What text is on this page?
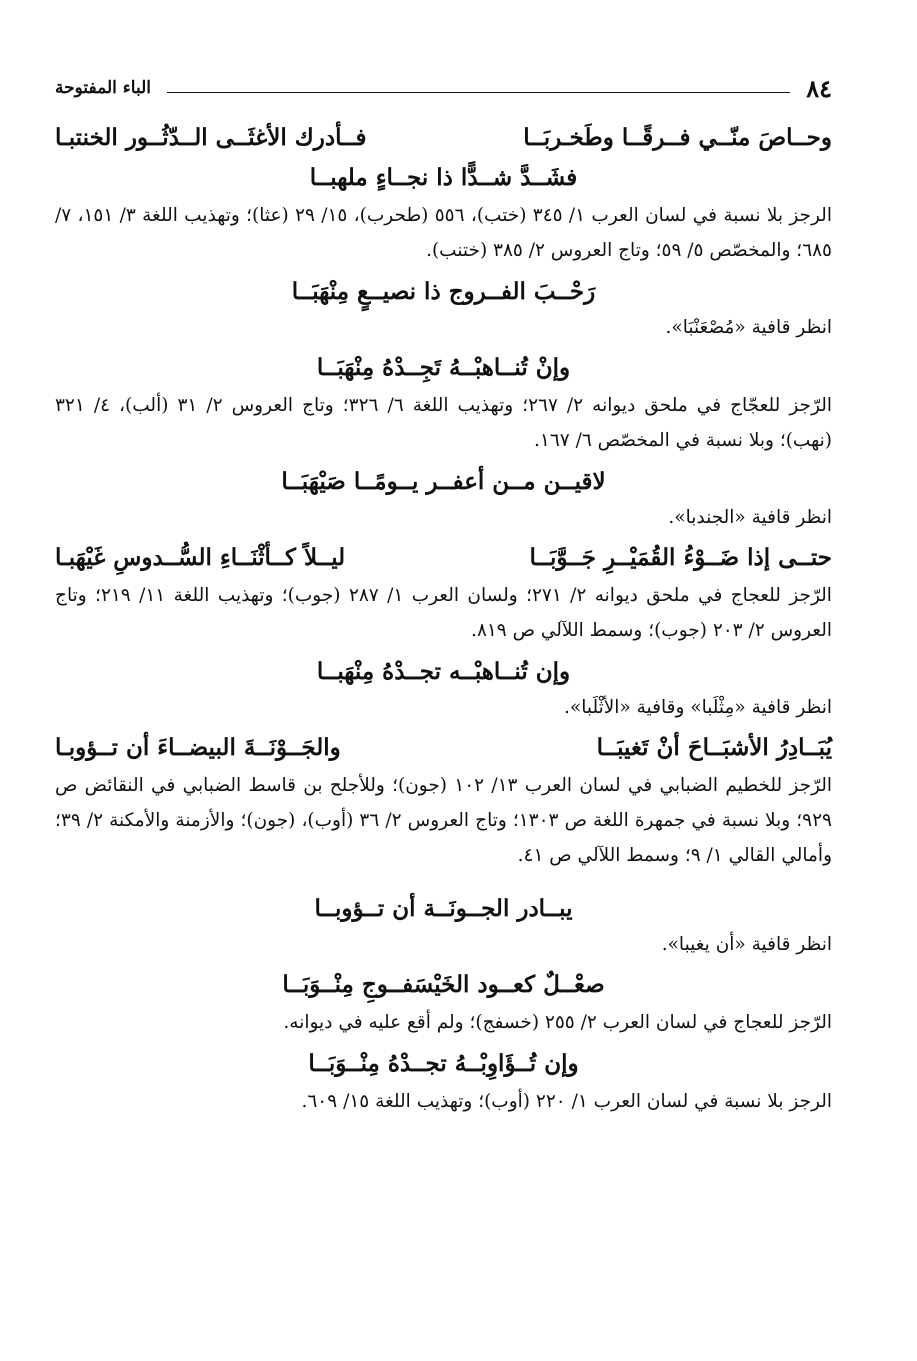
٨٤
الباء المفتوحة
وحــاصَ منّــي فــرقًــا وطَخـربَــا
فــأدرك الأغثَــى الــدّثُــور الخنتبـا
فشَــدَّ شــدًّا ذا نجــاءٍ ملهبــا

الرجز بلا نسبة في لسان العرب ١/ ٣٤٥ (ختب)، ٥٥٦ (طحرب)، ١٥/ ٢٩ (عثا)؛ وتهذيب اللغة ٣/ ١٥١، ٧/ ٦٨٥؛ والمخصّص ٥/ ٥٩؛ وتاج العروس ٢/ ٣٨٥ (ختنب).

رَحْــبَ الفــروج ذا نصيــعٍ مِنْهَبَــا

انظر قافية «مُصْعَنْبَا».

وإنْ تُنــاهبْــهُ تَجِــدْهُ مِنْهَبَــا

الرّجز للعجّاج في ملحق ديوانه ٢/ ٢٦٧؛ وتهذيب اللغة ٦/ ٣٢٦؛ وتاج العروس ٢/ ٣١ (ألب)، ٤/ ٣٢١ (نهب)؛ وبلا نسبة في المخصّص ٦/ ١٦٧.

لاقيــن مــن أعفــر يــومًــا صَيْهَبَــا

انظر قافية «الجندبا».

حتــى إذا ضَــوْءُ القُمَيْــرِ جَــوَّبَــا
ليــلاً كــأثْنَــاءِ السُّــدوسِ غَيْهَبـا

الرّجز للعجاج في ملحق ديوانه ٢/ ٢٧١؛ ولسان العرب ١/ ٢٨٧ (جوب)؛ وتهذيب اللغة ١١/ ٢١٩؛ وتاج العروس ٢/ ٢٠٣ (جوب)؛ وسمط اللآلي ص ٨١٩.

وإن تُنــاهبْــه تجــدْهُ مِنْهَبــا

انظر قافية «مِثْلَبا» وقافية «الأثْلَبا».

يُبَــادِرُ الأشبَــاحَ أنْ تَغيبَــا
والجَــوْنَــةَ البيضــاءَ أن تــؤوبـا

الرّجز للخطيم الضبابي في لسان العرب ١٣/ ١٠٢ (جون)؛ وللأجلح بن قاسط الضبابي في النقائض ص ٩٢٩؛ وبلا نسبة في جمهرة اللغة ص ١٣٠٣؛ وتاج العروس ٢/ ٣٦ (أوب)، (جون)؛ والأزمنة والأمكنة ٢/ ٣٩؛ وأمالي القالي ١/ ٩؛ وسمط اللآلي ص ٤١.

يبــادر الجــونَــة أن تــؤوبــا

انظر قافية «أن يغيبا».

صعْــلٌ كعــود الخَيْسَفــوجِ مِنْــوَبَــا

الرّجز للعجاج في لسان العرب ٢/ ٢٥٥ (خسفج)؛ ولم أقع عليه في ديوانه.

وإن تُــؤَاوِبْــهُ تجــدْهُ مِنْــوَبَــا

الرجز بلا نسبة في لسان العرب ١/ ٢٢٠ (أوب)؛ وتهذيب اللغة ١٥/ ٦٠٩.
